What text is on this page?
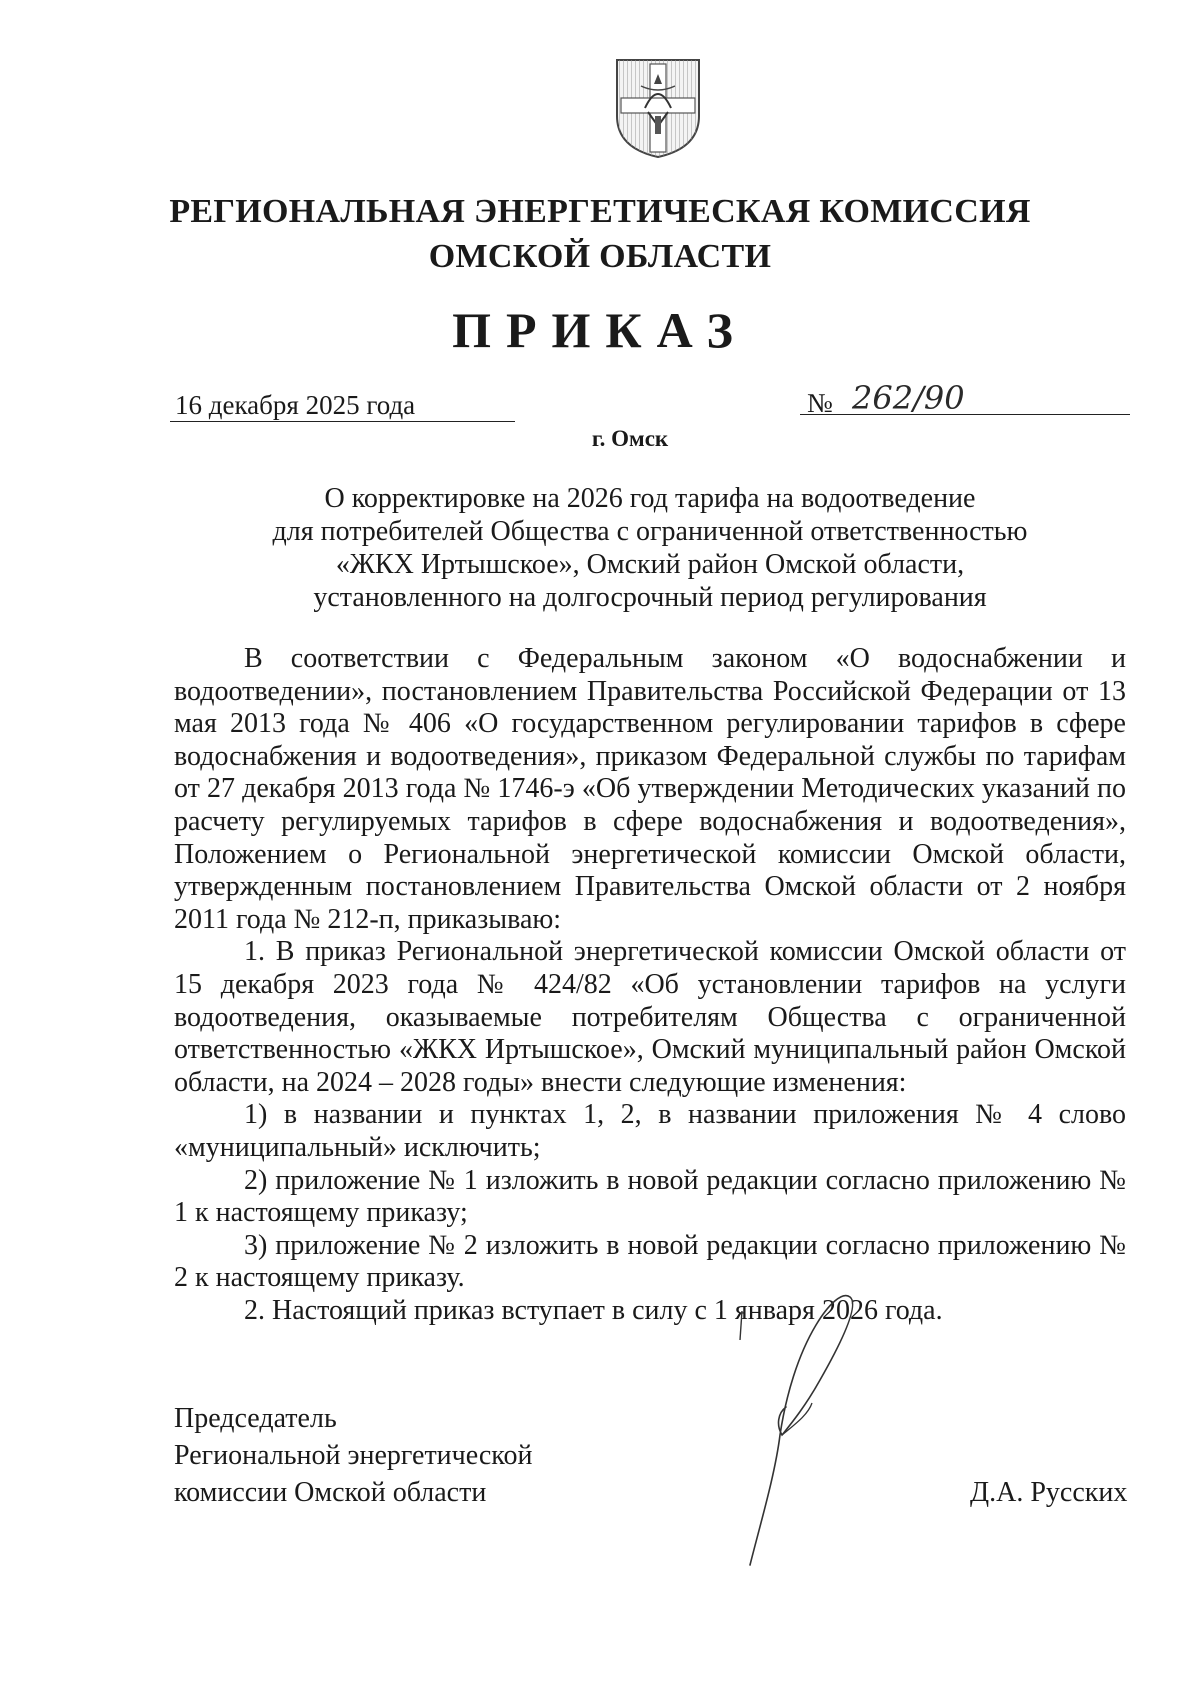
РЕГИОНАЛЬНАЯ ЭНЕРГЕТИЧЕСКАЯ КОМИССИЯ
ОМСКОЙ ОБЛАСТИ
ПРИКАЗ
16 декабря 2025 года	№ 262/90
г. Омск
О корректировке на 2026 год тарифа на водоотведение
для потребителей Общества с ограниченной ответственностью
«ЖКХ Иртышское», Омский район Омской области,
установленного на долгосрочный период регулирования

В соответствии с Федеральным законом «О водоснабжении и водоотведении», постановлением Правительства Российской Федерации от 13 мая 2013 года № 406 «О государственном регулировании тарифов в сфере водоснабжения и водоотведения», приказом Федеральной службы по тарифам от 27 декабря 2013 года № 1746-э «Об утверждении Методических указаний по расчету регулируемых тарифов в сфере водоснабжения и водоотведения», Положением о Региональной энергетической комиссии Омской области, утвержденным постановлением Правительства Омской области от 2 ноября 2011 года № 212-п, приказываю:

1. В приказ Региональной энергетической комиссии Омской области от 15 декабря 2023 года № 424/82 «Об установлении тарифов на услуги водоотведения, оказываемые потребителям Общества с ограниченной ответственностью «ЖКХ Иртышское», Омский муниципальный район Омской области, на 2024 – 2028 годы» внести следующие изменения:

1) в названии и пунктах 1, 2, в названии приложения № 4 слово «муниципальный» исключить;

2) приложение № 1 изложить в новой редакции согласно приложению № 1 к настоящему приказу;

3) приложение № 2 изложить в новой редакции согласно приложению № 2 к настоящему приказу.

2. Настоящий приказ вступает в силу с 1 января 2026 года.

Председатель
Региональной энергетической
комиссии Омской области	Д.А. Русских
